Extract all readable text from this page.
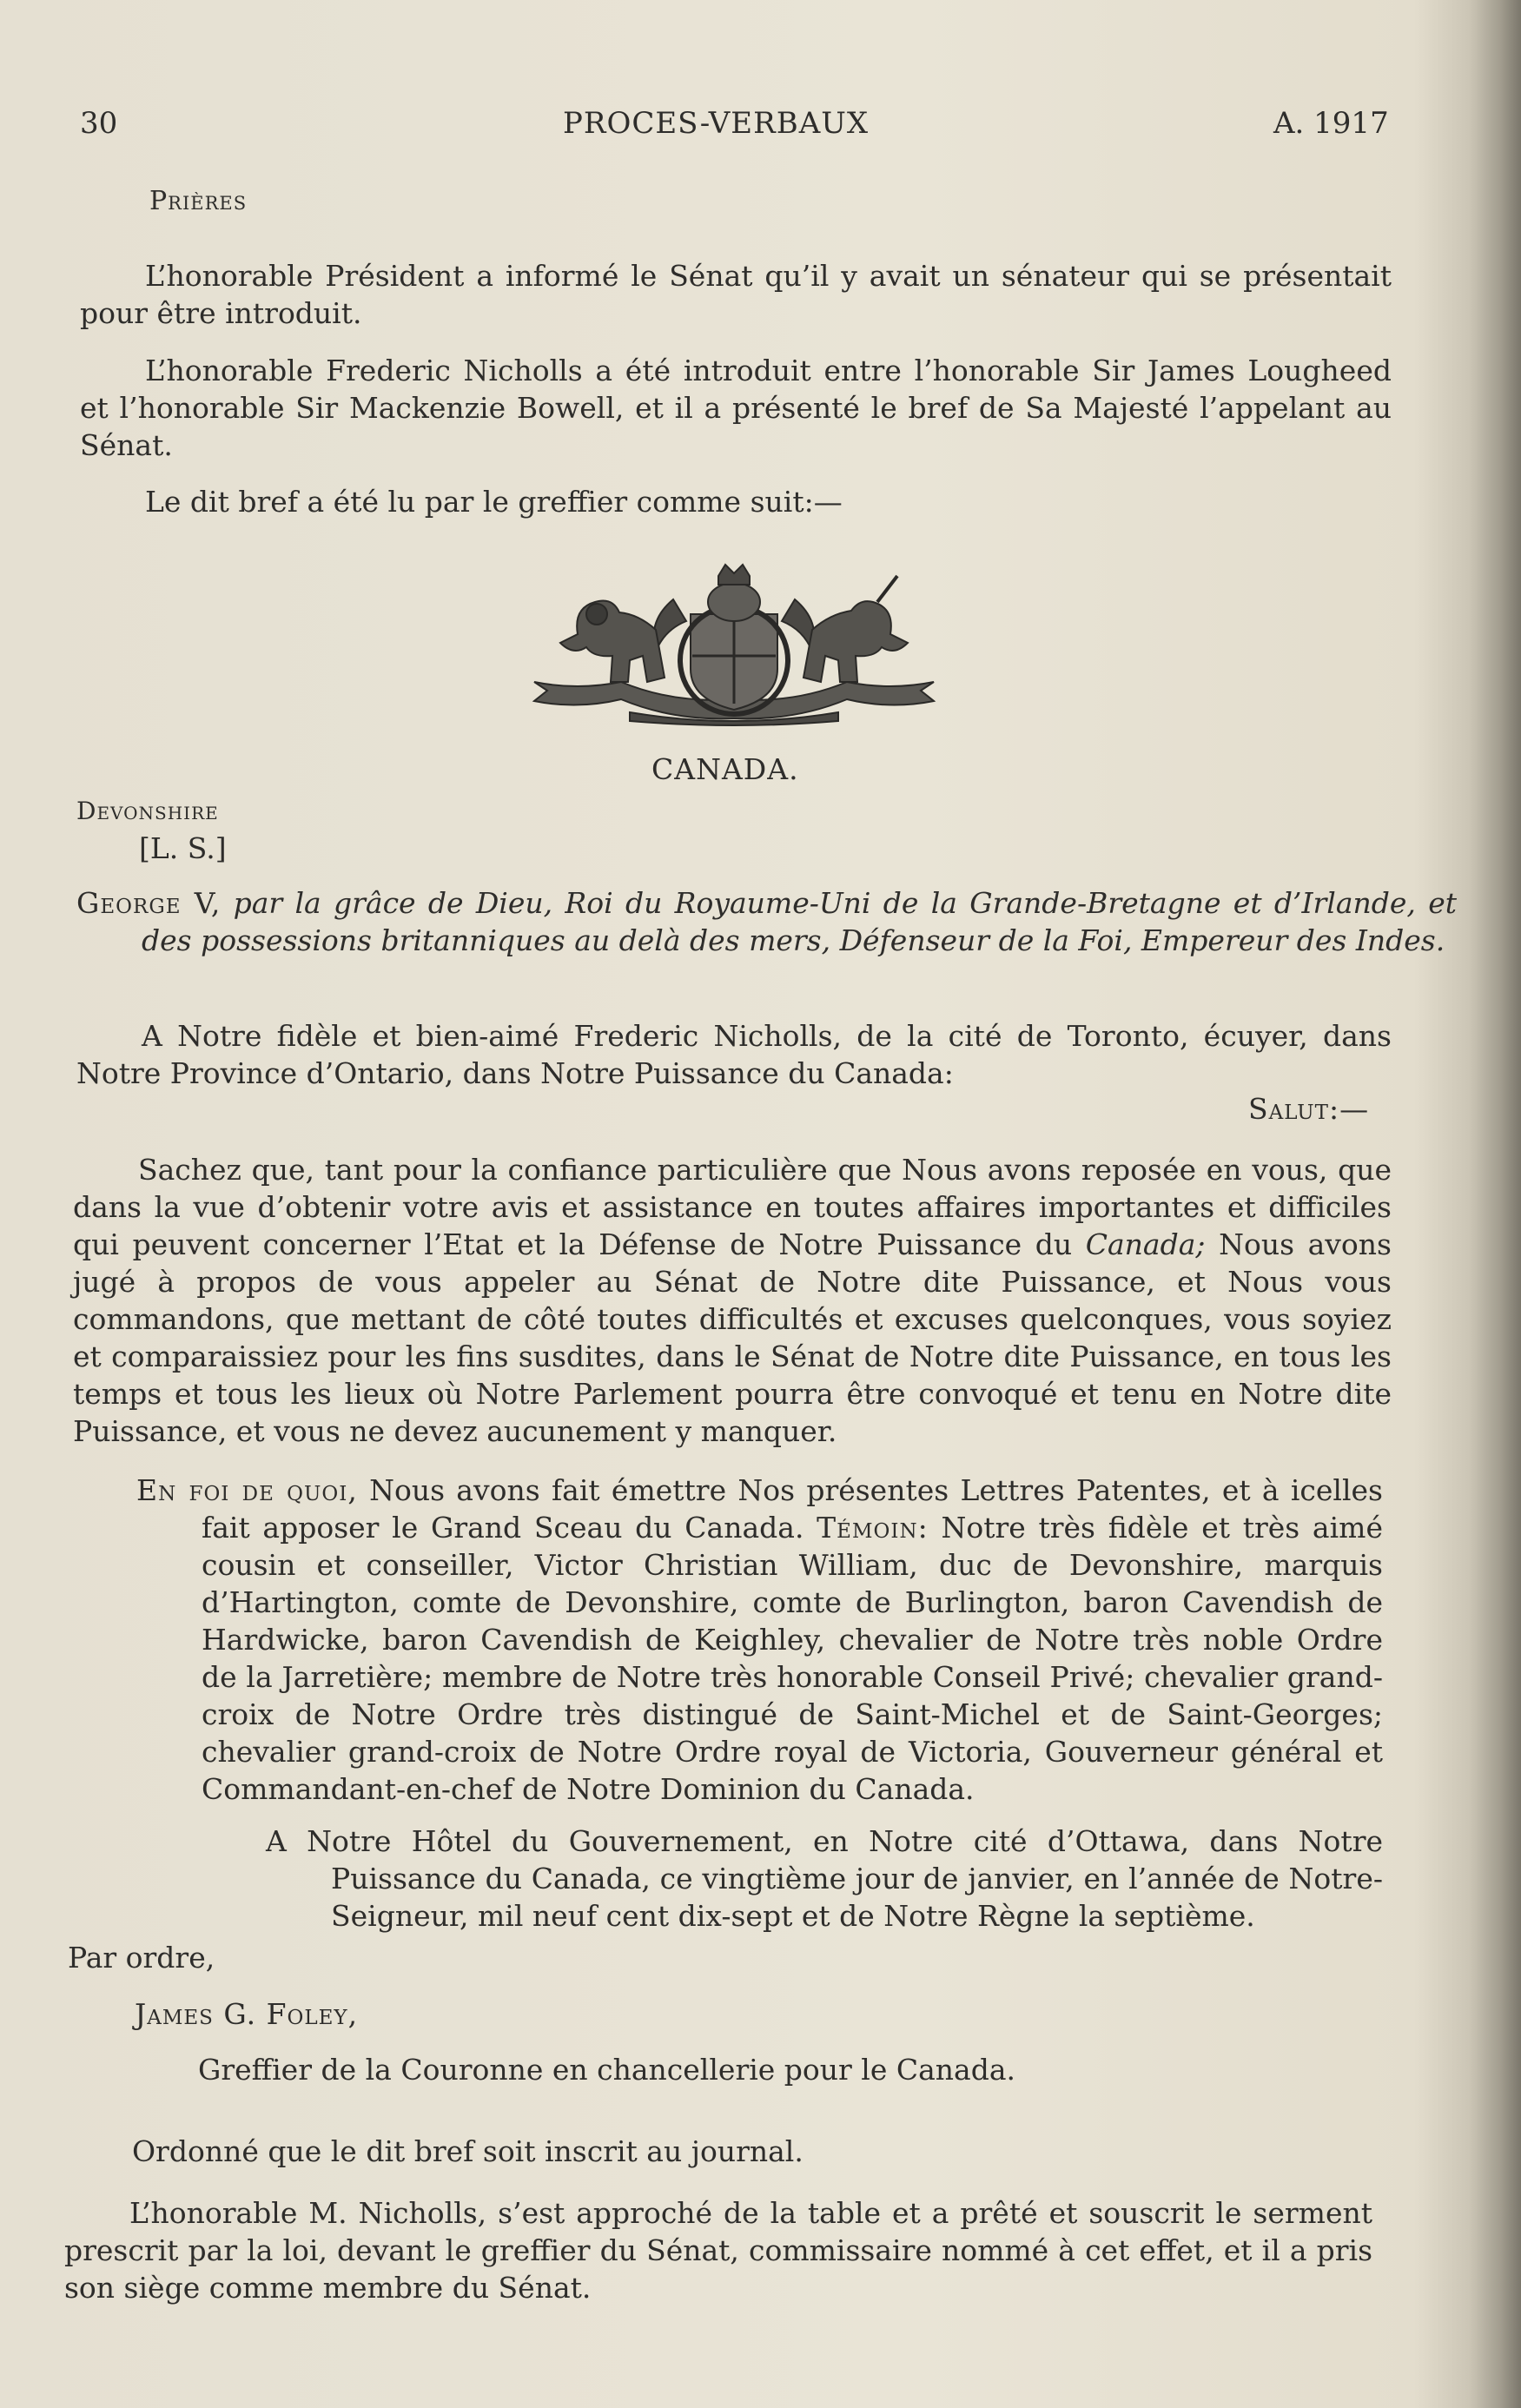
30	PROCES-VERBAUX	A. 1917
Prières
L’honorable Président a informé le Sénat qu’il y avait un sénateur qui se présentait pour être introduit.
L’honorable Frederic Nicholls a été introduit entre l’honorable Sir James Lougheed et l’honorable Sir Mackenzie Bowell, et il a présenté le bref de Sa Majesté l’appelant au Sénat.
Le dit bref a été lu par le greffier comme suit:—
CANADA.
Devonshire
[L. S.]
George V, par la grâce de Dieu, Roi du Royaume-Uni de la Grande-Bretagne et d’Irlande, et des possessions britanniques au delà des mers, Défenseur de la Foi, Empereur des Indes.
A Notre fidèle et bien-aimé Frederic Nicholls, de la cité de Toronto, écuyer, dans Notre Province d’Ontario, dans Notre Puissance du Canada:
Salut:—
Sachez que, tant pour la confiance particulière que Nous avons reposée en vous, que dans la vue d’obtenir votre avis et assistance en toutes affaires importantes et difficiles qui peuvent concerner l’Etat et la Défense de Notre Puissance du Canada; Nous avons jugé à propos de vous appeler au Sénat de Notre dite Puissance, et Nous vous commandons, que mettant de côté toutes difficultés et excuses quelconques, vous soyiez et comparaissiez pour les fins susdites, dans le Sénat de Notre dite Puissance, en tous les temps et tous les lieux où Notre Parlement pourra être convoqué et tenu en Notre dite Puissance, et vous ne devez aucunement y manquer.
En foi de quoi, Nous avons fait émettre Nos présentes Lettres Patentes, et à icelles fait apposer le Grand Sceau du Canada. Témoin: Notre très fidèle et très aimé cousin et conseiller, Victor Christian William, duc de Devonshire, marquis d’Hartington, comte de Devonshire, comte de Burlington, baron Cavendish de Hardwicke, baron Cavendish de Keighley, chevalier de Notre très noble Ordre de la Jarretière; membre de Notre très honorable Conseil Privé; chevalier grand-croix de Notre Ordre très distingué de Saint-Michel et de Saint-Georges; chevalier grand-croix de Notre Ordre royal de Victoria, Gouverneur général et Commandant-en-chef de Notre Dominion du Canada.
A Notre Hôtel du Gouvernement, en Notre cité d’Ottawa, dans Notre Puissance du Canada, ce vingtième jour de janvier, en l’année de Notre-Seigneur, mil neuf cent dix-sept et de Notre Règne la septième.
Par ordre,
James G. Foley,
Greffier de la Couronne en chancellerie pour le Canada.
Ordonné que le dit bref soit inscrit au journal.
L’honorable M. Nicholls, s’est approché de la table et a prêté et souscrit le serment prescrit par la loi, devant le greffier du Sénat, commissaire nommé à cet effet, et il a pris son siège comme membre du Sénat.
